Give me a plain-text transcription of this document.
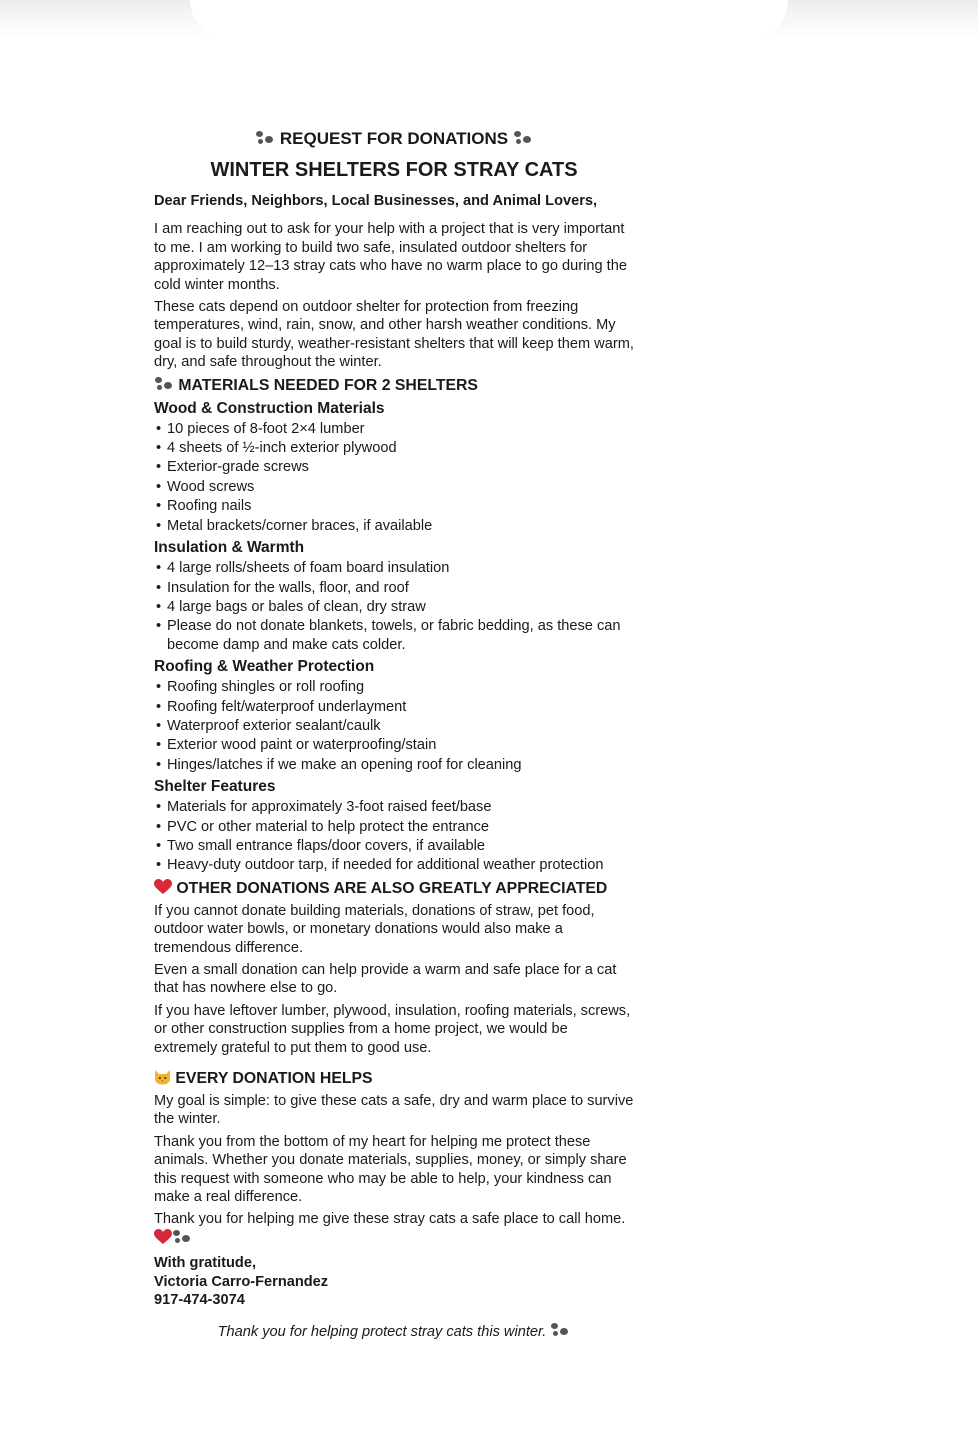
REQUEST FOR DONATIONS
WINTER SHELTERS FOR STRAY CATS
Dear Friends, Neighbors, Local Businesses, and Animal Lovers,

I am reaching out to ask for your help with a project that is very important to me. I am working to build two safe, insulated outdoor shelters for approximately 12–13 stray cats who have no warm place to go during the cold winter months.

These cats depend on outdoor shelter for protection from freezing temperatures, wind, rain, snow, and other harsh weather conditions. My goal is to build sturdy, weather-resistant shelters that will keep them warm, dry, and safe throughout the winter.

MATERIALS NEEDED FOR 2 SHELTERS
Wood & Construction Materials
• 10 pieces of 8-foot 2×4 lumber
• 4 sheets of ½-inch exterior plywood
• Exterior-grade screws
• Wood screws
• Roofing nails
• Metal brackets/corner braces, if available
Insulation & Warmth
• 4 large rolls/sheets of foam board insulation
• Insulation for the walls, floor, and roof
• 4 large bags or bales of clean, dry straw
• Please do not donate blankets, towels, or fabric bedding, as these can become damp and make cats colder.
Roofing & Weather Protection
• Roofing shingles or roll roofing
• Roofing felt/waterproof underlayment
• Waterproof exterior sealant/caulk
• Exterior wood paint or waterproofing/stain
• Hinges/latches if we make an opening roof for cleaning
Shelter Features
• Materials for approximately 3-foot raised feet/base
• PVC or other material to help protect the entrance
• Two small entrance flaps/door covers, if available
• Heavy-duty outdoor tarp, if needed for additional weather protection
OTHER DONATIONS ARE ALSO GREATLY APPRECIATED

If you cannot donate building materials, donations of straw, pet food, outdoor water bowls, or monetary donations would also make a tremendous difference.

Even a small donation can help provide a warm and safe place for a cat that has nowhere else to go.

If you have leftover lumber, plywood, insulation, roofing materials, screws, or other construction supplies from a home project, we would be extremely grateful to put them to good use.

EVERY DONATION HELPS

My goal is simple: to give these cats a safe, dry and warm place to survive the winter.

Thank you from the bottom of my heart for helping me protect these animals. Whether you donate materials, supplies, money, or simply share this request with someone who may be able to help, your kindness can make a real difference.

Thank you for helping me give these stray cats a safe place to call home.

With gratitude,
Victoria Carro-Fernandez
917-474-3074
Thank you for helping protect stray cats this winter.
